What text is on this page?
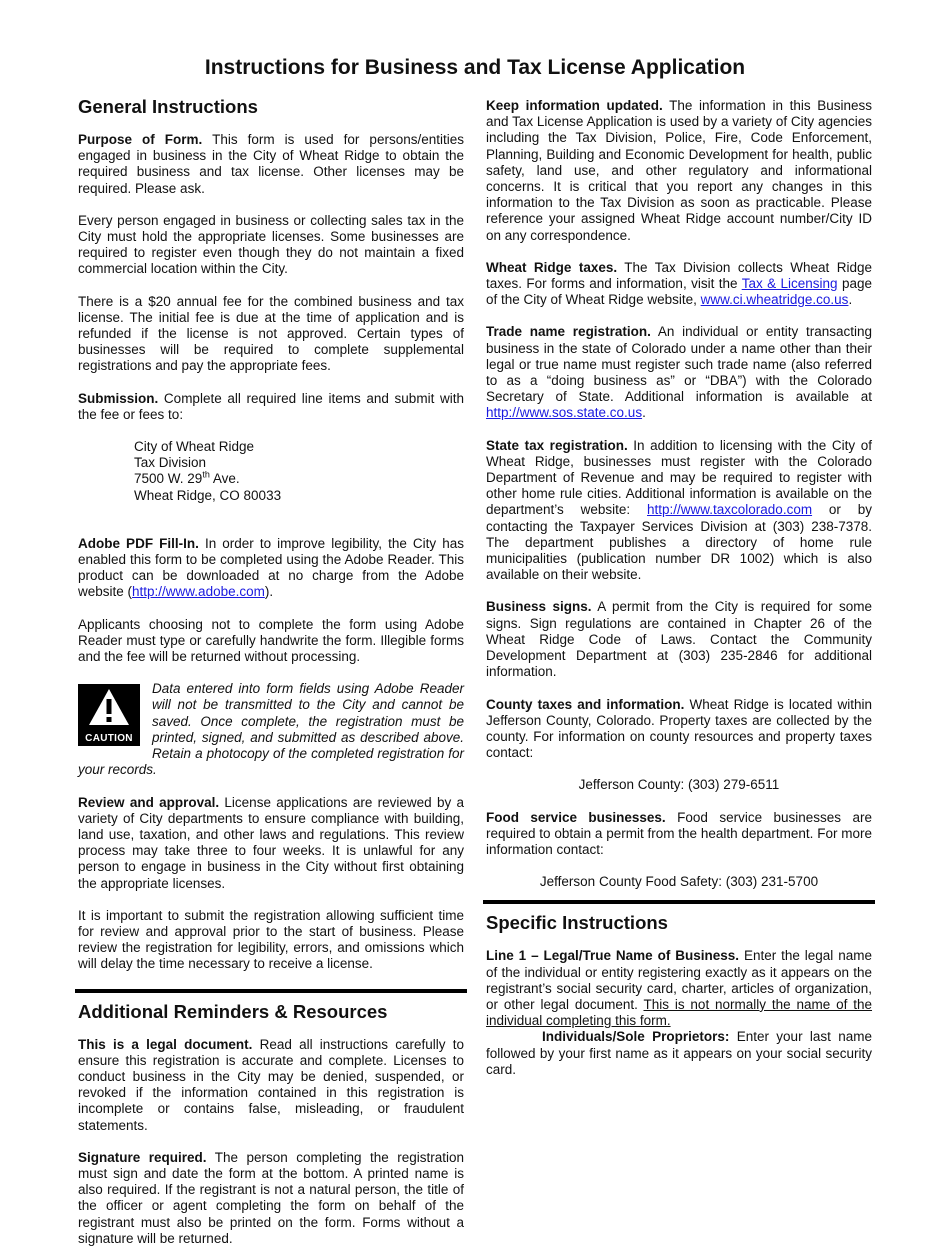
Instructions for Business and Tax License Application
General Instructions

Purpose of Form. This form is used for persons/entities engaged in business in the City of Wheat Ridge to obtain the required business and tax license. Other licenses may be required. Please ask.

Every person engaged in business or collecting sales tax in the City must hold the appropriate licenses. Some businesses are required to register even though they do not maintain a fixed commercial location within the City.

There is a $20 annual fee for the combined business and tax license. The initial fee is due at the time of application and is refunded if the license is not approved. Certain types of businesses will be required to complete supplemental registrations and pay the appropriate fees.

Submission. Complete all required line items and submit with the fee or fees to:

City of Wheat Ridge
Tax Division
7500 W. 29th Ave.
Wheat Ridge, CO 80033

Adobe PDF Fill-In. In order to improve legibility, the City has enabled this form to be completed using the Adobe Reader. This product can be downloaded at no charge from the Adobe website (http://www.adobe.com).

Applicants choosing not to complete the form using Adobe Reader must type or carefully handwrite the form. Illegible forms and the fee will be returned without processing.

CAUTION
Data entered into form fields using Adobe Reader will not be transmitted to the City and cannot be saved. Once complete, the registration must be printed, signed, and submitted as described above. Retain a photocopy of the completed registration for your records.

Review and approval. License applications are reviewed by a variety of City departments to ensure compliance with building, land use, taxation, and other laws and regulations. This review process may take three to four weeks. It is unlawful for any person to engage in business in the City without first obtaining the appropriate licenses.

It is important to submit the registration allowing sufficient time for review and approval prior to the start of business. Please review the registration for legibility, errors, and omissions which will delay the time necessary to receive a license.

Additional Reminders & Resources

This is a legal document. Read all instructions carefully to ensure this registration is accurate and complete. Licenses to conduct business in the City may be denied, suspended, or revoked if the information contained in this registration is incomplete or contains false, misleading, or fraudulent statements.

Signature required. The person completing the registration must sign and date the form at the bottom. A printed name is also required. If the registrant is not a natural person, the title of the officer or agent completing the form on behalf of the registrant must also be printed on the form. Forms without a signature will be returned.

Keep information updated. The information in this Business and Tax License Application is used by a variety of City agencies including the Tax Division, Police, Fire, Code Enforcement, Planning, Building and Economic Development for health, public safety, land use, and other regulatory and informational concerns. It is critical that you report any changes in this information to the Tax Division as soon as practicable. Please reference your assigned Wheat Ridge account number/City ID on any correspondence.

Wheat Ridge taxes. The Tax Division collects Wheat Ridge taxes. For forms and information, visit the Tax & Licensing page of the City of Wheat Ridge website, www.ci.wheatridge.co.us.

Trade name registration. An individual or entity transacting business in the state of Colorado under a name other than their legal or true name must register such trade name (also referred to as a “doing business as” or “DBA”) with the Colorado Secretary of State. Additional information is available at http://www.sos.state.co.us.

State tax registration. In addition to licensing with the City of Wheat Ridge, businesses must register with the Colorado Department of Revenue and may be required to register with other home rule cities. Additional information is available on the department’s website: http://www.taxcolorado.com or by contacting the Taxpayer Services Division at (303) 238-7378. The department publishes a directory of home rule municipalities (publication number DR 1002) which is also available on their website.

Business signs. A permit from the City is required for some signs. Sign regulations are contained in Chapter 26 of the Wheat Ridge Code of Laws. Contact the Community Development Department at (303) 235-2846 for additional information.

County taxes and information. Wheat Ridge is located within Jefferson County, Colorado. Property taxes are collected by the county. For information on county resources and property taxes contact:

Jefferson County: (303) 279-6511

Food service businesses. Food service businesses are required to obtain a permit from the health department. For more information contact:

Jefferson County Food Safety: (303) 231-5700

Specific Instructions

Line 1 – Legal/True Name of Business. Enter the legal name of the individual or entity registering exactly as it appears on the registrant’s social security card, charter, articles of organization, or other legal document. This is not normally the name of the individual completing this form.

Individuals/Sole Proprietors: Enter your last name followed by your first name as it appears on your social security card.
